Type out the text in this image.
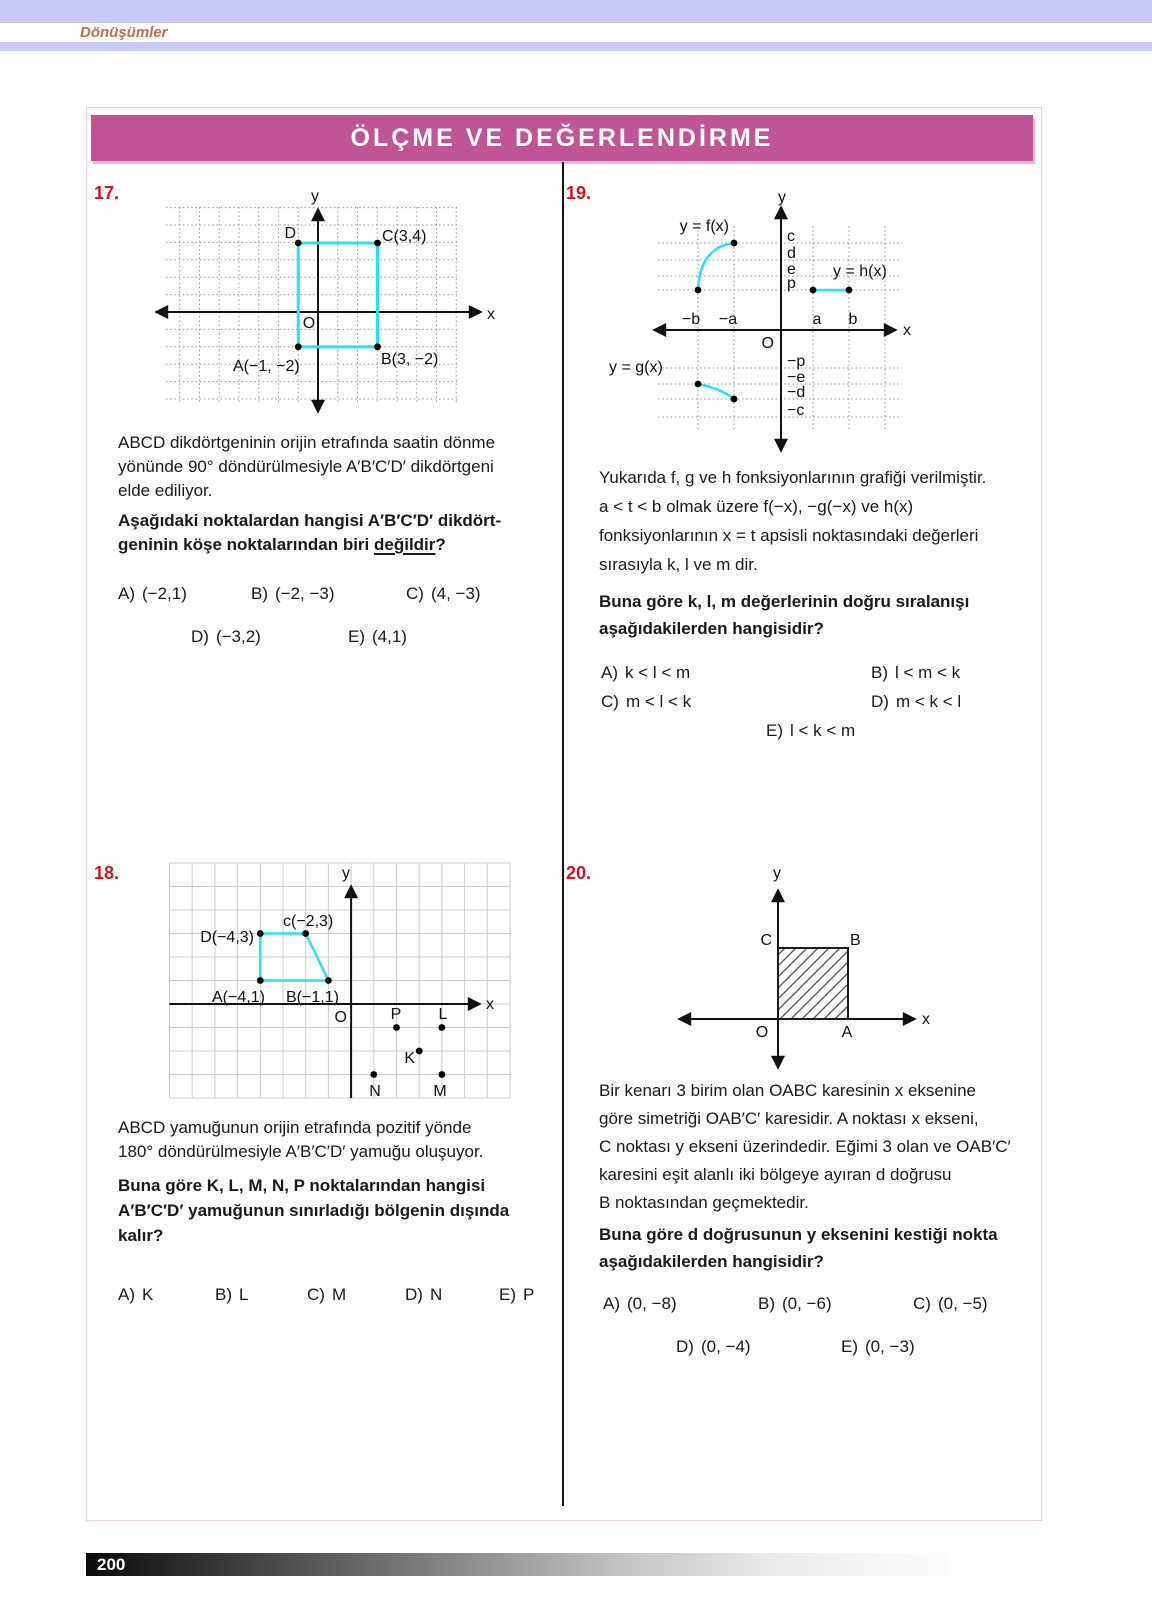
Dönüşümler
ÖLÇME VE DEĞERLENDİRME
17.	y
x
O
D	C(3,4)
A(−1, −2)	B(3, −2)
ABCD dikdörtgeninin orijin etrafında saatin dönme
yönünde 90° döndürülmesiyle A′B′C′D′ dikdörtgeni
elde ediliyor.
Aşağıdaki noktalardan hangisi A′B′C′D′ dikdört-
geninin köşe noktalarından biri değildir?
A) (−2,1)	B) (−2, −3)	C) (4, −3)
D) (−3,2)	E) (4,1)
19.	y
x
O
c
d
e
p
−p
−e
−d
−c
−b −a	a b
y = f(x)
y = h(x)
y = g(x)
Yukarıda f, g ve h fonksiyonlarının grafiği verilmiştir.
a < t < b olmak üzere f(−x), −g(−x) ve h(x)
fonksiyonlarının x = t apsisli noktasındaki değerleri
sırasıyla k, l ve m dir.
Buna göre k, l, m değerlerinin doğru sıralanışı
aşağıdakilerden hangisidir?
A) k < l < m	B) l < m < k
C) m < l < k	D) m < k < l
E) l < k < m
18.	y
x
O
D(−4,3)
c(−2,3)
A(−4,1) B(−1,1)
P L
K
N	M
ABCD yamuğunun orijin etrafında pozitif yönde
180° döndürülmesiyle A′B′C′D′ yamuğu oluşuyor.
Buna göre K, L, M, N, P noktalarından hangisi
A′B′C′D′ yamuğunun sınırladığı bölgenin dışında
kalır?
A) K	B) L	C) M	D) N	E) P
20.	y
x
O
C	B
A
Bir kenarı 3 birim olan OABC karesinin x eksenine
göre simetriği OAB′C′ karesidir. A noktası x ekseni,
C noktası y ekseni üzerindedir. Eğimi 3 olan ve OAB′C′
karesini eşit alanlı iki bölgeye ayıran d doğrusu
B noktasından geçmektedir.
Buna göre d doğrusunun y eksenini kestiği nokta
aşağıdakilerden hangisidir?
A) (0, −8)	B) (0, −6)	C) (0, −5)
D) (0, −4)	E) (0, −3)
200
